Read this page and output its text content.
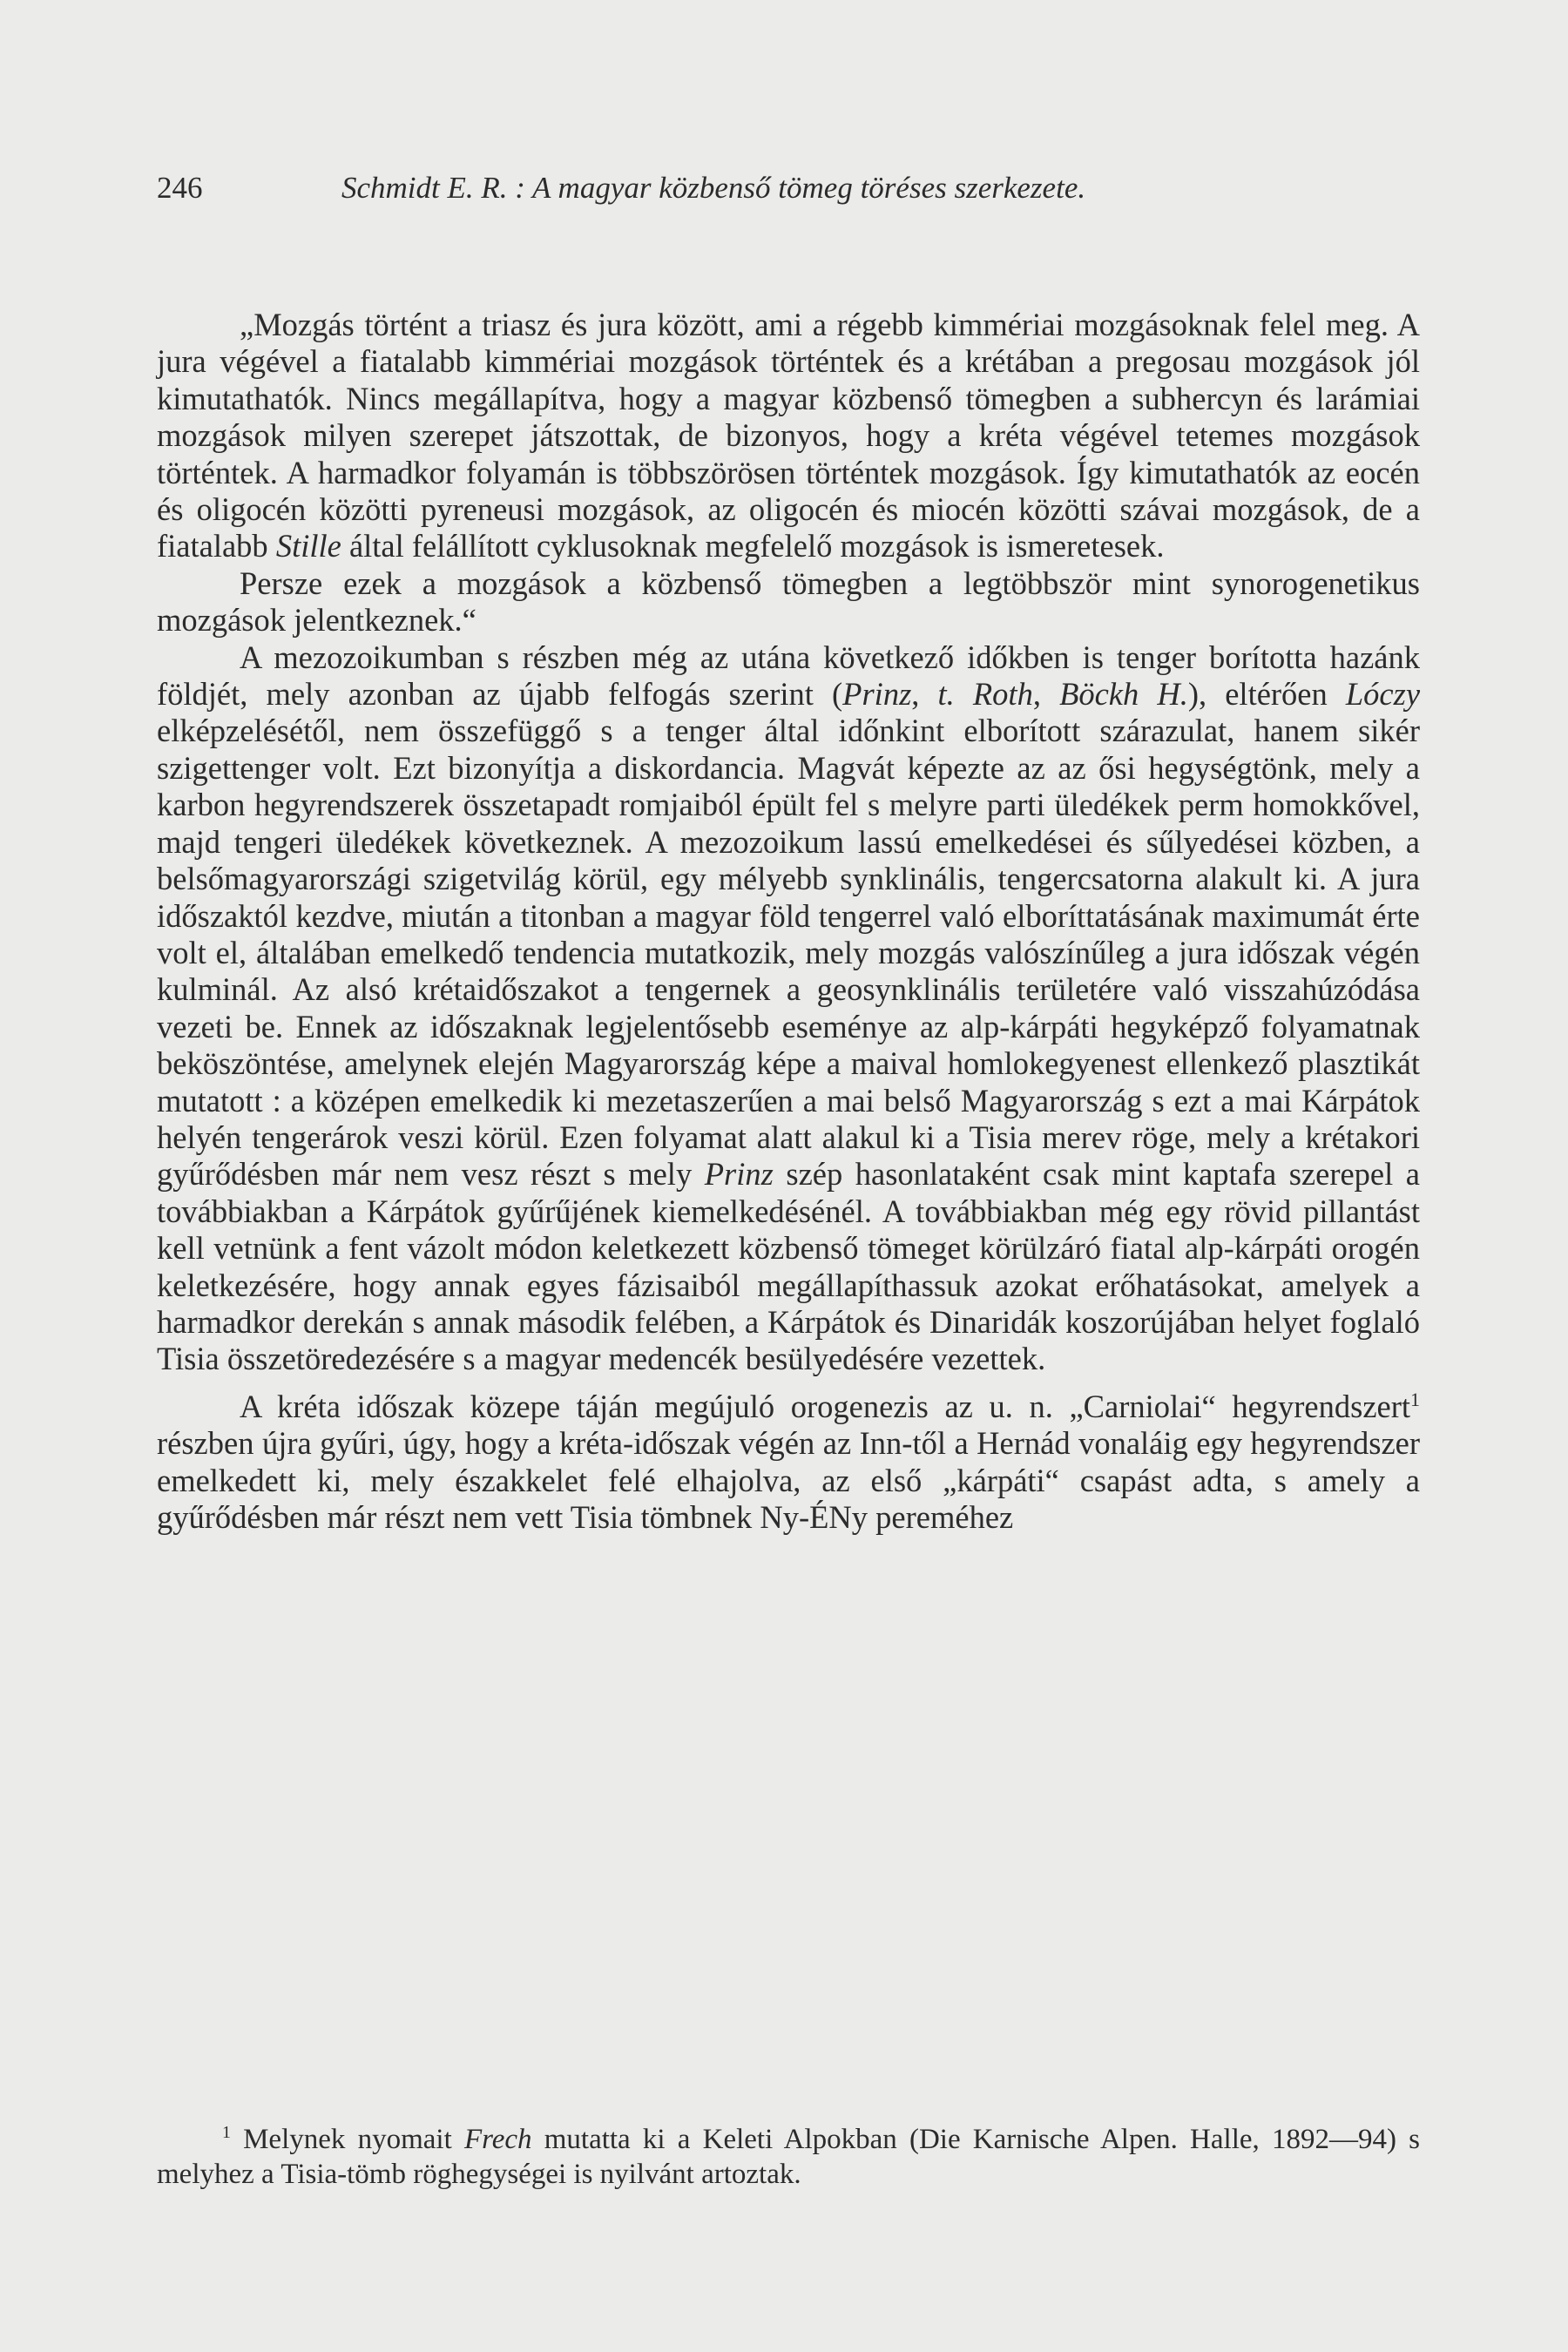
246	Schmidt E. R. : A magyar közbenső tömeg töréses szerkezete.

„Mozgás történt a triasz és jura között, ami a régebb kimmériai mozgásoknak felel meg. A jura végével a fiatalabb kimmériai mozgások történtek és a krétában a pregosau mozgások jól kimutathatók. Nincs megállapítva, hogy a magyar közbenső tömegben a subhercyn és larámiai mozgások milyen szerepet játszottak, de bizonyos, hogy a kréta végével tetemes mozgások történtek. A harmadkor folyamán is többszörösen történtek mozgások. Így kimutathatók az eocén és oligocén közötti pyreneusi mozgások, az oligocén és miocén közötti szávai mozgások, de a fiatalabb Stille által felállított cyklusoknak megfelelő mozgások is ismeretesek.

Persze ezek a mozgások a közbenső tömegben a legtöbbször mint synorogenetikus mozgások jelentkeznek.“

A mezozoikumban s részben még az utána következő időkben is tenger borította hazánk földjét, mely azonban az újabb felfogás szerint (Prinz, t. Roth, Böckh H.), eltérően Lóczy elképzelésétől, nem összefüggő s a tenger által időnkint elborított szárazulat, hanem sikér szigettenger volt. Ezt bizonyítja a diskordancia. Magvát képezte az az ősi hegységtönk, mely a karbon hegyrendszerek összetapadt romjaiból épült fel s melyre parti üledékek perm homokkővel, majd tengeri üledékek következnek. A mezozoikum lassú emelkedései és sűlyedései közben, a belsőmagyarországi szigetvilág körül, egy mélyebb synklinális, tengercsatorna alakult ki. A jura időszaktól kezdve, miután a titonban a magyar föld tengerrel való elboríttatásának maximumát érte volt el, általában emelkedő tendencia mutatkozik, mely mozgás valószínűleg a jura időszak végén kulminál. Az alsó krétaidőszakot a tengernek a geosynklinális területére való visszahúzódása vezeti be. Ennek az időszaknak legjelentősebb eseménye az alp-kárpáti hegyképző folyamatnak beköszöntése, amelynek elején Magyarország képe a maival homlokegyenest ellenkező plasztikát mutatott : a középen emelkedik ki mezetaszerűen a mai belső Magyarország s ezt a mai Kárpátok helyén tengerárok veszi körül. Ezen folyamat alatt alakul ki a Tisia merev röge, mely a krétakori gyűrődésben már nem vesz részt s mely Prinz szép hasonlataként csak mint kaptafa szerepel a továbbiakban a Kárpátok gyűrűjének kiemelkedésénél. A továbbiakban még egy rövid pillantást kell vetnünk a fent vázolt módon keletkezett közbenső tömeget körülzáró fiatal alp-kárpáti orogén keletkezésére, hogy annak egyes fázisaiból megállapíthassuk azokat erőhatásokat, amelyek a harmadkor derekán s annak második felében, a Kárpátok és Dinaridák koszorújában helyet foglaló Tisia összetöredezésére s a magyar medencék besülyedésére vezettek.

A kréta időszak közepe táján megújuló orogenezis az u. n. „Carniolai“ hegyrendszert$^1$ részben újra gyűri, úgy, hogy a kréta-időszak végén az Inn-től a Hernád vonaláig egy hegyrendszer emelkedett ki, mely északkelet felé elhajolva, az első „kárpáti“ csapást adta, s amely a gyűrődésben már részt nem vett Tisia tömbnek Ny-ÉNy pereméhez

$^1$ Melynek nyomait Frech mutatta ki a Keleti Alpokban (Die Karnische Alpen. Halle, 1892—94) s melyhez a Tisia-tömb röghegységei is nyilvánt artoztak.
